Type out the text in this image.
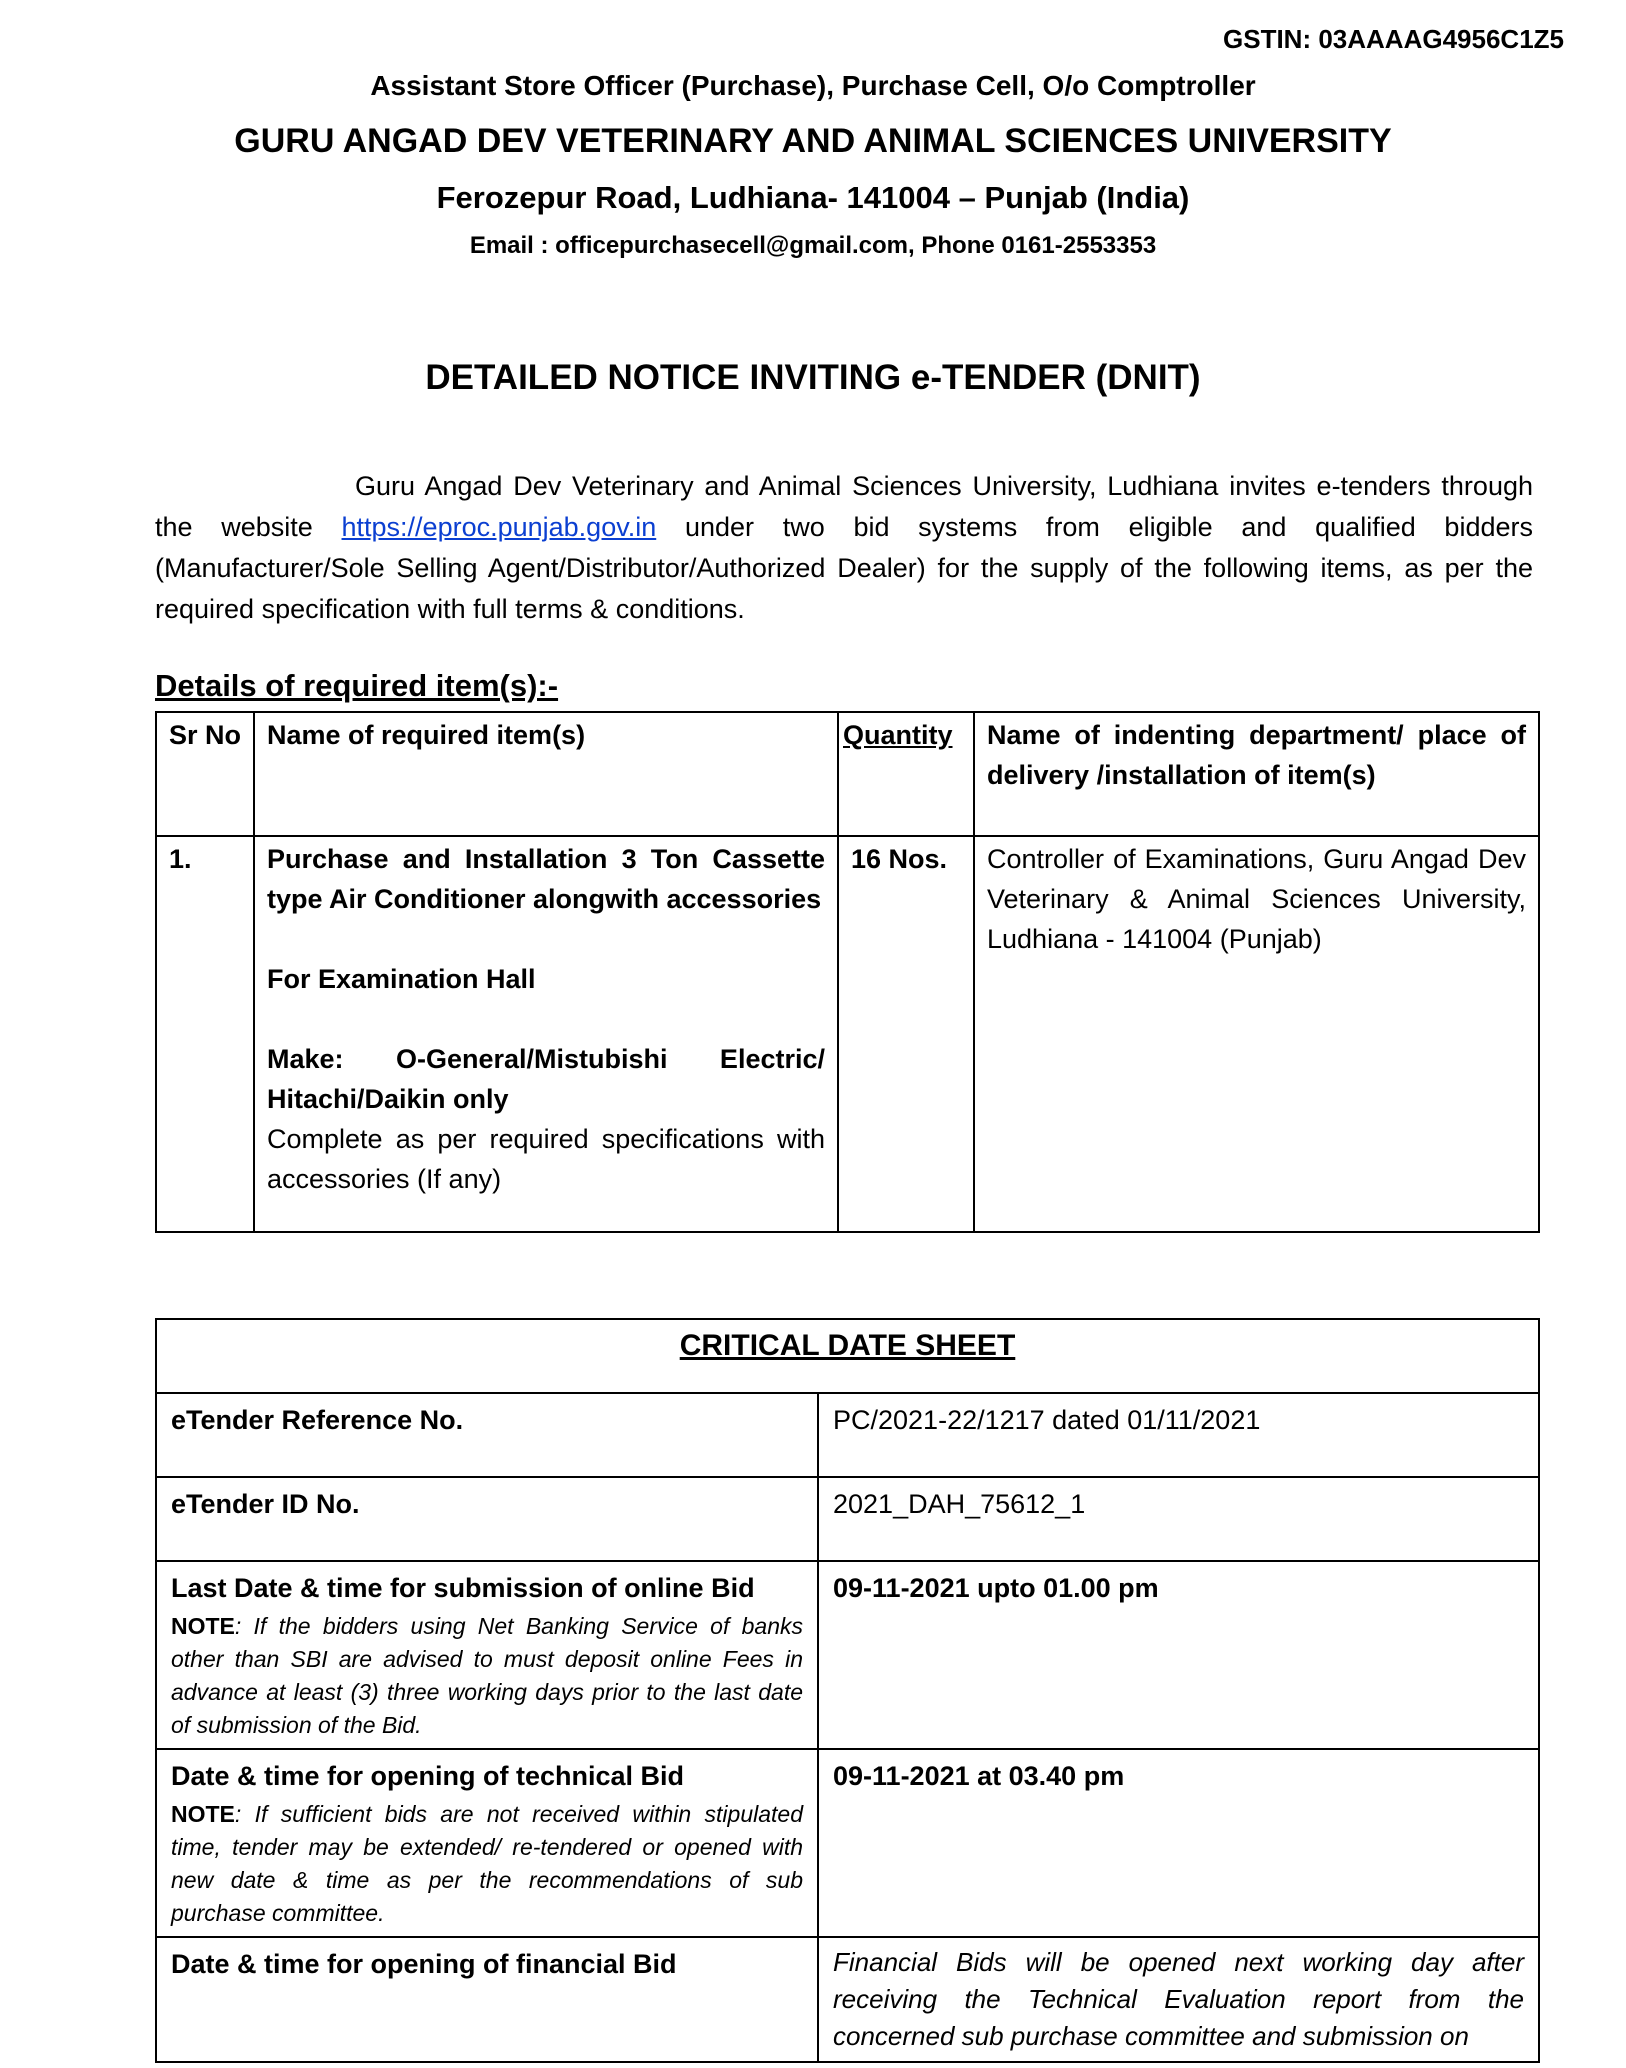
GSTIN: 03AAAAG4956C1Z5
Assistant Store Officer (Purchase), Purchase Cell, O/o Comptroller
GURU ANGAD DEV VETERINARY AND ANIMAL SCIENCES UNIVERSITY
Ferozepur Road, Ludhiana- 141004 – Punjab (India)
Email : officepurchasecell@gmail.com, Phone 0161-2553353
DETAILED NOTICE INVITING e-TENDER (DNIT)

Guru Angad Dev Veterinary and Animal Sciences University, Ludhiana invites e-tenders through the website https://eproc.punjab.gov.in under two bid systems from eligible and qualified bidders (Manufacturer/Sole Selling Agent/Distributor/Authorized Dealer) for the supply of the following items, as per the required specification with full terms & conditions.

Details of required item(s):-
Sr No	Name of required item(s)	Quantity	Name of indenting department/ place of delivery /installation of item(s)
1.	Purchase and Installation 3 Ton Cassette type Air Conditioner alongwith accessories
For Examination Hall
Make: O-General/Mistubishi Electric/ Hitachi/Daikin only
Complete as per required specifications with accessories (If any)	16 Nos.	Controller of Examinations, Guru Angad Dev Veterinary & Animal Sciences University, Ludhiana - 141004 (Punjab)
CRITICAL DATE SHEET	
eTender Reference No.	PC/2021-22/1217 dated 01/11/2021
eTender ID No.	2021_DAH_75612_1

Last Date & time for submission of online Bid
NOTE: If the bidders using Net Banking Service of banks other than SBI are advised to must deposit online Fees in advance at least (3) three working days prior to the last date of submission of the Bid.	09-11-2021 upto 01.00 pm

Date & time for opening of technical Bid
NOTE: If sufficient bids are not received within stipulated time, tender may be extended/ re-tendered or opened with new date & time as per the recommendations of sub purchase committee.	09-11-2021 at 03.40 pm
Date & time for opening of financial Bid	Financial Bids will be opened next working day after receiving the Technical Evaluation report from the concerned sub purchase committee and submission on
